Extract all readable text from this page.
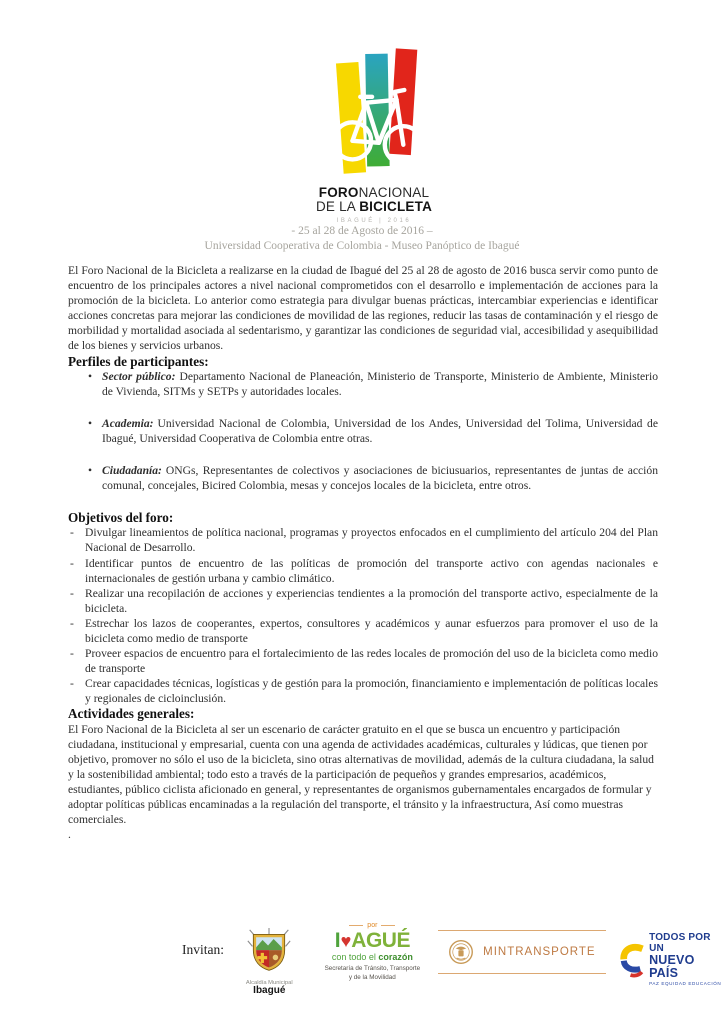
FORONACIONAL
DE LA BICICLETA
IBAGUÉ | 2016
- 25 al 28 de Agosto de 2016 –
Universidad Cooperativa de Colombia - Museo Panóptico de Ibagué

El Foro Nacional de la Bicicleta a realizarse en la ciudad de Ibagué del 25 al 28 de agosto de 2016 busca servir como punto de encuentro de los principales actores a nivel nacional comprometidos con el desarrollo e implementación de acciones para la promoción de la bicicleta. Lo anterior como estrategia para divulgar buenas prácticas, intercambiar experiencias e identificar acciones concretas para mejorar las condiciones de movilidad de las regiones, reducir las tasas de contaminación y el riesgo de morbilidad y mortalidad asociada al sedentarismo, y garantizar las condiciones de seguridad vial, accesibilidad y asequibilidad de los bienes y servicios urbanos.

Perfiles de participantes:

• Sector público: Departamento Nacional de Planeación, Ministerio de Transporte, Ministerio de Ambiente, Ministerio de Vivienda, SITMs y SETPs y autoridades locales.

• Academia: Universidad Nacional de Colombia, Universidad de los Andes, Universidad del Tolima, Universidad de Ibagué, Universidad Cooperativa de Colombia entre otras.

• Ciudadanía: ONGs, Representantes de colectivos y asociaciones de biciusuarios, representantes de juntas de acción comunal, concejales, Bicired Colombia, mesas y concejos locales de la bicicleta, entre otros.

Objetivos del foro:

- Divulgar lineamientos de política nacional, programas y proyectos enfocados en el cumplimiento del artículo 204 del Plan Nacional de Desarrollo.

- Identificar puntos de encuentro de las políticas de promoción del transporte activo con agendas nacionales e internacionales de gestión urbana y cambio climático.

- Realizar una recopilación de acciones y experiencias tendientes a la promoción del transporte activo, especialmente de la bicicleta.

- Estrechar los lazos de cooperantes, expertos, consultores y académicos y aunar esfuerzos para promover el uso de la bicicleta como medio de transporte

- Proveer espacios de encuentro para el fortalecimiento de las redes locales de promoción del uso de la bicicleta como medio de transporte

- Crear capacidades técnicas, logísticas y de gestión para la promoción, financiamiento e implementación de políticas locales y regionales de cicloinclusión.

Actividades generales:

El Foro Nacional de la Bicicleta al ser un escenario de carácter gratuito en el que se busca un encuentro y participación ciudadana, institucional y empresarial, cuenta con una agenda de actividades académicas, culturales y lúdicas, que tienen por objetivo, promover no sólo el uso de la bicicleta, sino otras alternativas de movilidad, además de la cultura ciudadana, la salud y la sostenibilidad ambiental; todo esto a través de la participación de pequeños y grandes empresarios, académicos, estudiantes, público ciclista aficionado en general, y representantes de organismos gubernamentales encargados de formular y adoptar políticas públicas encaminadas a la regulación del transporte, el tránsito y la infraestructura, Así como muestras comerciales.

.

Invitan:
Alcaldía Municipal
Ibagué
por
I♥AGUÉ
con todo el corazón
Secretaría de Tránsito, Transporte
y de la Movilidad
MINTRANSPORTE
TODOS POR UN
NUEVO PAÍS
PAZ EQUIDAD EDUCACIÓN
